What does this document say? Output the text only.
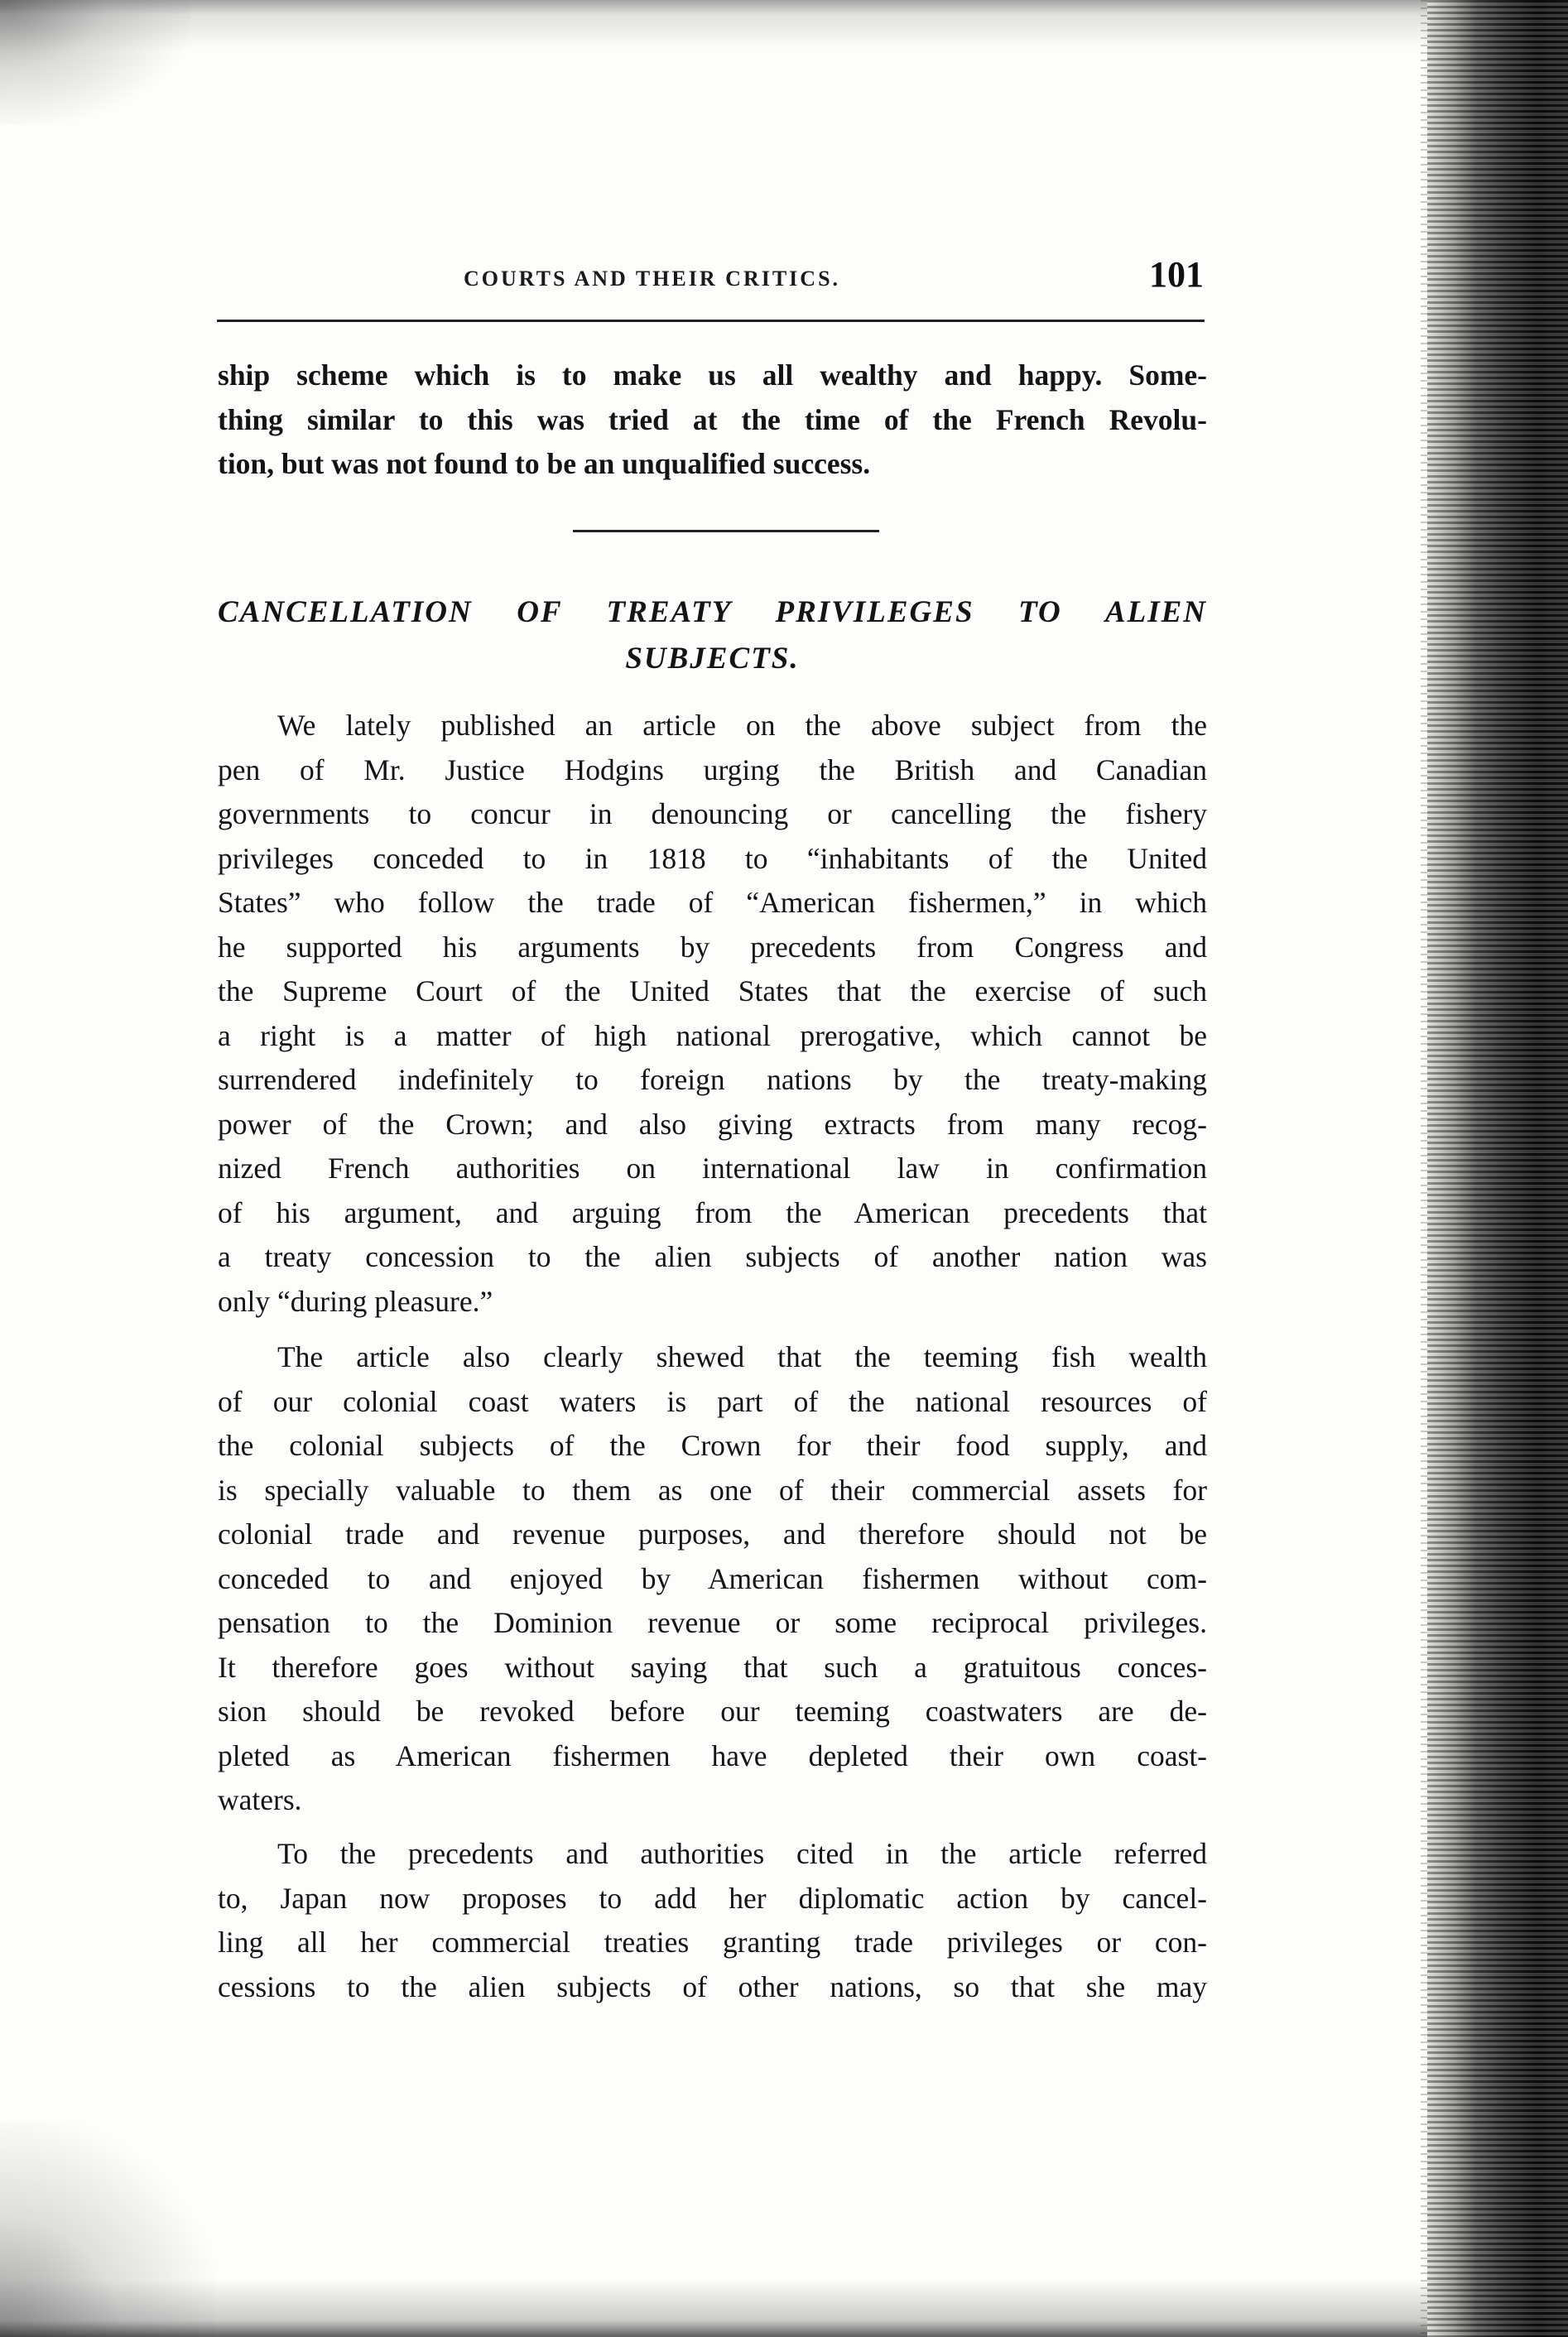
COURTS AND THEIR CRITICS.	101
ship scheme which is to make us all wealthy and happy. Some-
thing similar to this was tried at the time of the French Revolu-
tion, but was not found to be an unqualified success.
CANCELLATION OF TREATY PRIVILEGES TO ALIEN
SUBJECTS.
We lately published an article on the above subject from the
pen of Mr. Justice Hodgins urging the British and Canadian
governments to concur in denouncing or cancelling the fishery
privileges conceded to in 1818 to “inhabitants of the United
States” who follow the trade of “American fishermen,” in which
he supported his arguments by precedents from Congress and
the Supreme Court of the United States that the exercise of such
a right is a matter of high national prerogative, which cannot be
surrendered indefinitely to foreign nations by the treaty-making
power of the Crown; and also giving extracts from many recog-
nized French authorities on international law in confirmation
of his argument, and arguing from the American precedents that
a treaty concession to the alien subjects of another nation was
only “during pleasure.”
The article also clearly shewed that the teeming fish wealth
of our colonial coast waters is part of the national resources of
the colonial subjects of the Crown for their food supply, and
is specially valuable to them as one of their commercial assets for
colonial trade and revenue purposes, and therefore should not be
conceded to and enjoyed by American fishermen without com-
pensation to the Dominion revenue or some reciprocal privileges.
It therefore goes without saying that such a gratuitous conces-
sion should be revoked before our teeming coastwaters are de-
pleted as American fishermen have depleted their own coast-
waters.
To the precedents and authorities cited in the article referred
to, Japan now proposes to add her diplomatic action by cancel-
ling all her commercial treaties granting trade privileges or con-
cessions to the alien subjects of other nations, so that she may
